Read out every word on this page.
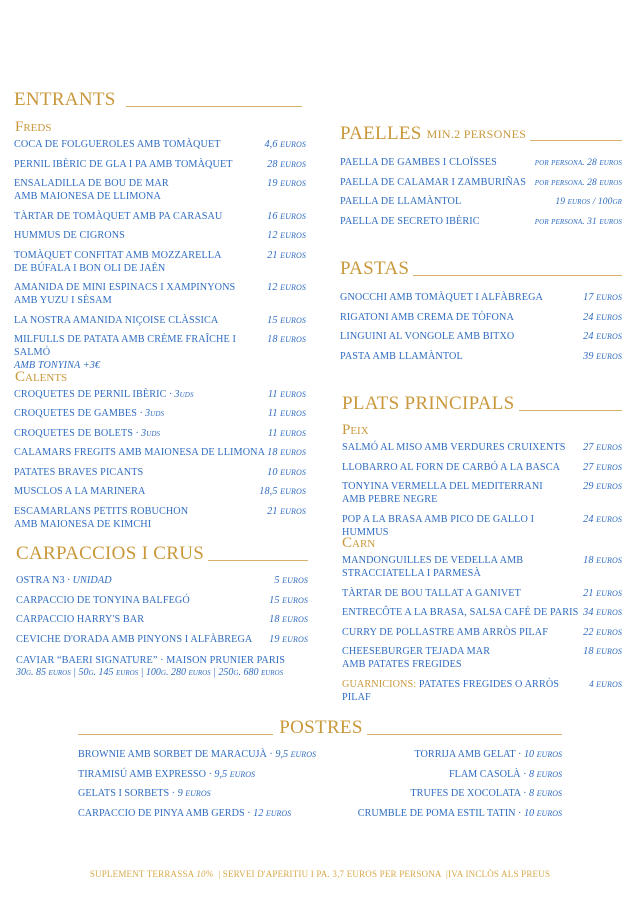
ENTRANTS
Freds
COCA DE FOLGUEROLES AMB TOMÀQUET	4,6 EUROS
PERNIL IBÈRIC DE GLA I PA AMB TOMÀQUET	28 EUROS
ENSALADILLA DE BOU DE MAR
AMB MAIONESA DE LLIMONA
19 EUROS
TÀRTAR DE TOMÀQUET AMB PA CARASAU	16 EUROS
HUMMUS DE CIGRONS	12 EUROS
TOMÀQUET CONFITAT AMB MOZZARELLA
DE BÚFALA I BON OLI DE JAÉN
21 EUROS
AMANIDA DE MINI ESPINACS I XAMPINYONS
AMB YUZU I SÈSAM
12 EUROS
LA NOSTRA AMANIDA NIÇOISE CLÀSSICA	15 EUROS
MILFULLS DE PATATA AMB CRÈME FRAÎCHE I SALMÓ
AMB TONYINA +3€
18 EUROS
Calents
CROQUETES DE PERNIL IBÈRIC · 3uds	11 EUROS
CROQUETES DE GAMBES · 3uds	11 EUROS
CROQUETES DE BOLETS · 3uds	11 EUROS
CALAMARS FREGITS AMB MAIONESA DE LLIMONA 18 EUROS
PATATES BRAVES PICANTS	10 EUROS
MUSCLOS A LA MARINERA	18,5 EUROS
ESCAMARLANS PETITS ROBUCHON
AMB MAIONESA DE KIMCHI
21 EUROS
CARPACCIOS I CRUS
OSTRA N3 · UNIDAD	5 EUROS
CARPACCIO DE TONYINA BALFEGÓ	15 EUROS
CARPACCIO HARRY'S BAR	18 EUROS
CEVICHE D'ORADA AMB PINYONS I ALFÀBREGA 19 EUROS
CAVIAR “BAERI SIGNATURE” · MAISON PRUNIER PARIS
30g. 85 euros | 50g. 145 euros | 100g. 280 euros | 250g. 680 euros
PAELLES MIN.2 PERSONES
PAELLA DE GAMBES I CLOÏSSES	por persona. 28 euros
PAELLA DE CALAMAR I ZAMBURIÑAS por persona. 28 euros
PAELLA DE LLAMÀNTOL	19 euros / 100gr
PAELLA DE SECRETO IBÈRIC	por persona. 31 euros
PASTAS
GNOCCHI AMB TOMÀQUET I ALFÀBREGA	17 EUROS
RIGATONI AMB CREMA DE TÒFONA	24 EUROS
LINGUINI AL VONGOLE AMB BITXO	24 EUROS
PASTA AMB LLAMÀNTOL	39 EUROS
PLATS PRINCIPALS
Peix
SALMÓ AL MISO AMB VERDURES CRUIXENTS 27 EUROS
LLOBARRO AL FORN DE CARBÓ A LA BASCA 27 EUROS
TONYINA VERMELLA DEL MEDITERRANI
AMB PEBRE NEGRE
29 EUROS
POP A LA BRASA AMB PICO DE GALLO I HUMMUS
24 EUROS
Carn
MANDONGUILLES DE VEDELLA AMB
STRACCIATELLA I PARMESÀ
18 EUROS
TÀRTAR DE BOU TALLAT A GANIVET	21 EUROS
ENTRECÔTE A LA BRASA, SALSA CAFÉ DE PARIS 34 EUROS
CURRY DE POLLASTRE AMB ARRÒS PILAF	22 EUROS
CHEESEBURGER TEJADA MAR
AMB PATATES FREGIDES
18 EUROS
GUARNICIONS: PATATES FREGIDES O ARRÒS PILAF
4 EUROS
POSTRES
BROWNIE AMB SORBET DE MARACUJÀ · 9,5 EUROS	TORRIJA AMB GELAT · 10 EUROS
TIRAMISÚ AMB EXPRESSO · 9,5 EUROS	FLAM CASOLÀ · 8 EUROS
GELATS I SORBETS · 9 EUROS	TRUFES DE XOCOLATA · 8 EUROS
CARPACCIO DE PINYA AMB GERDS · 12 EUROS	CRUMBLE DE POMA ESTIL TATIN · 10 EUROS
SUPLEMENT TERRASSA 10% | SERVEI D'APERITIU I PA. 3,7 EUROS PER PERSONA |IVA INCLÒS ALS PREUS
